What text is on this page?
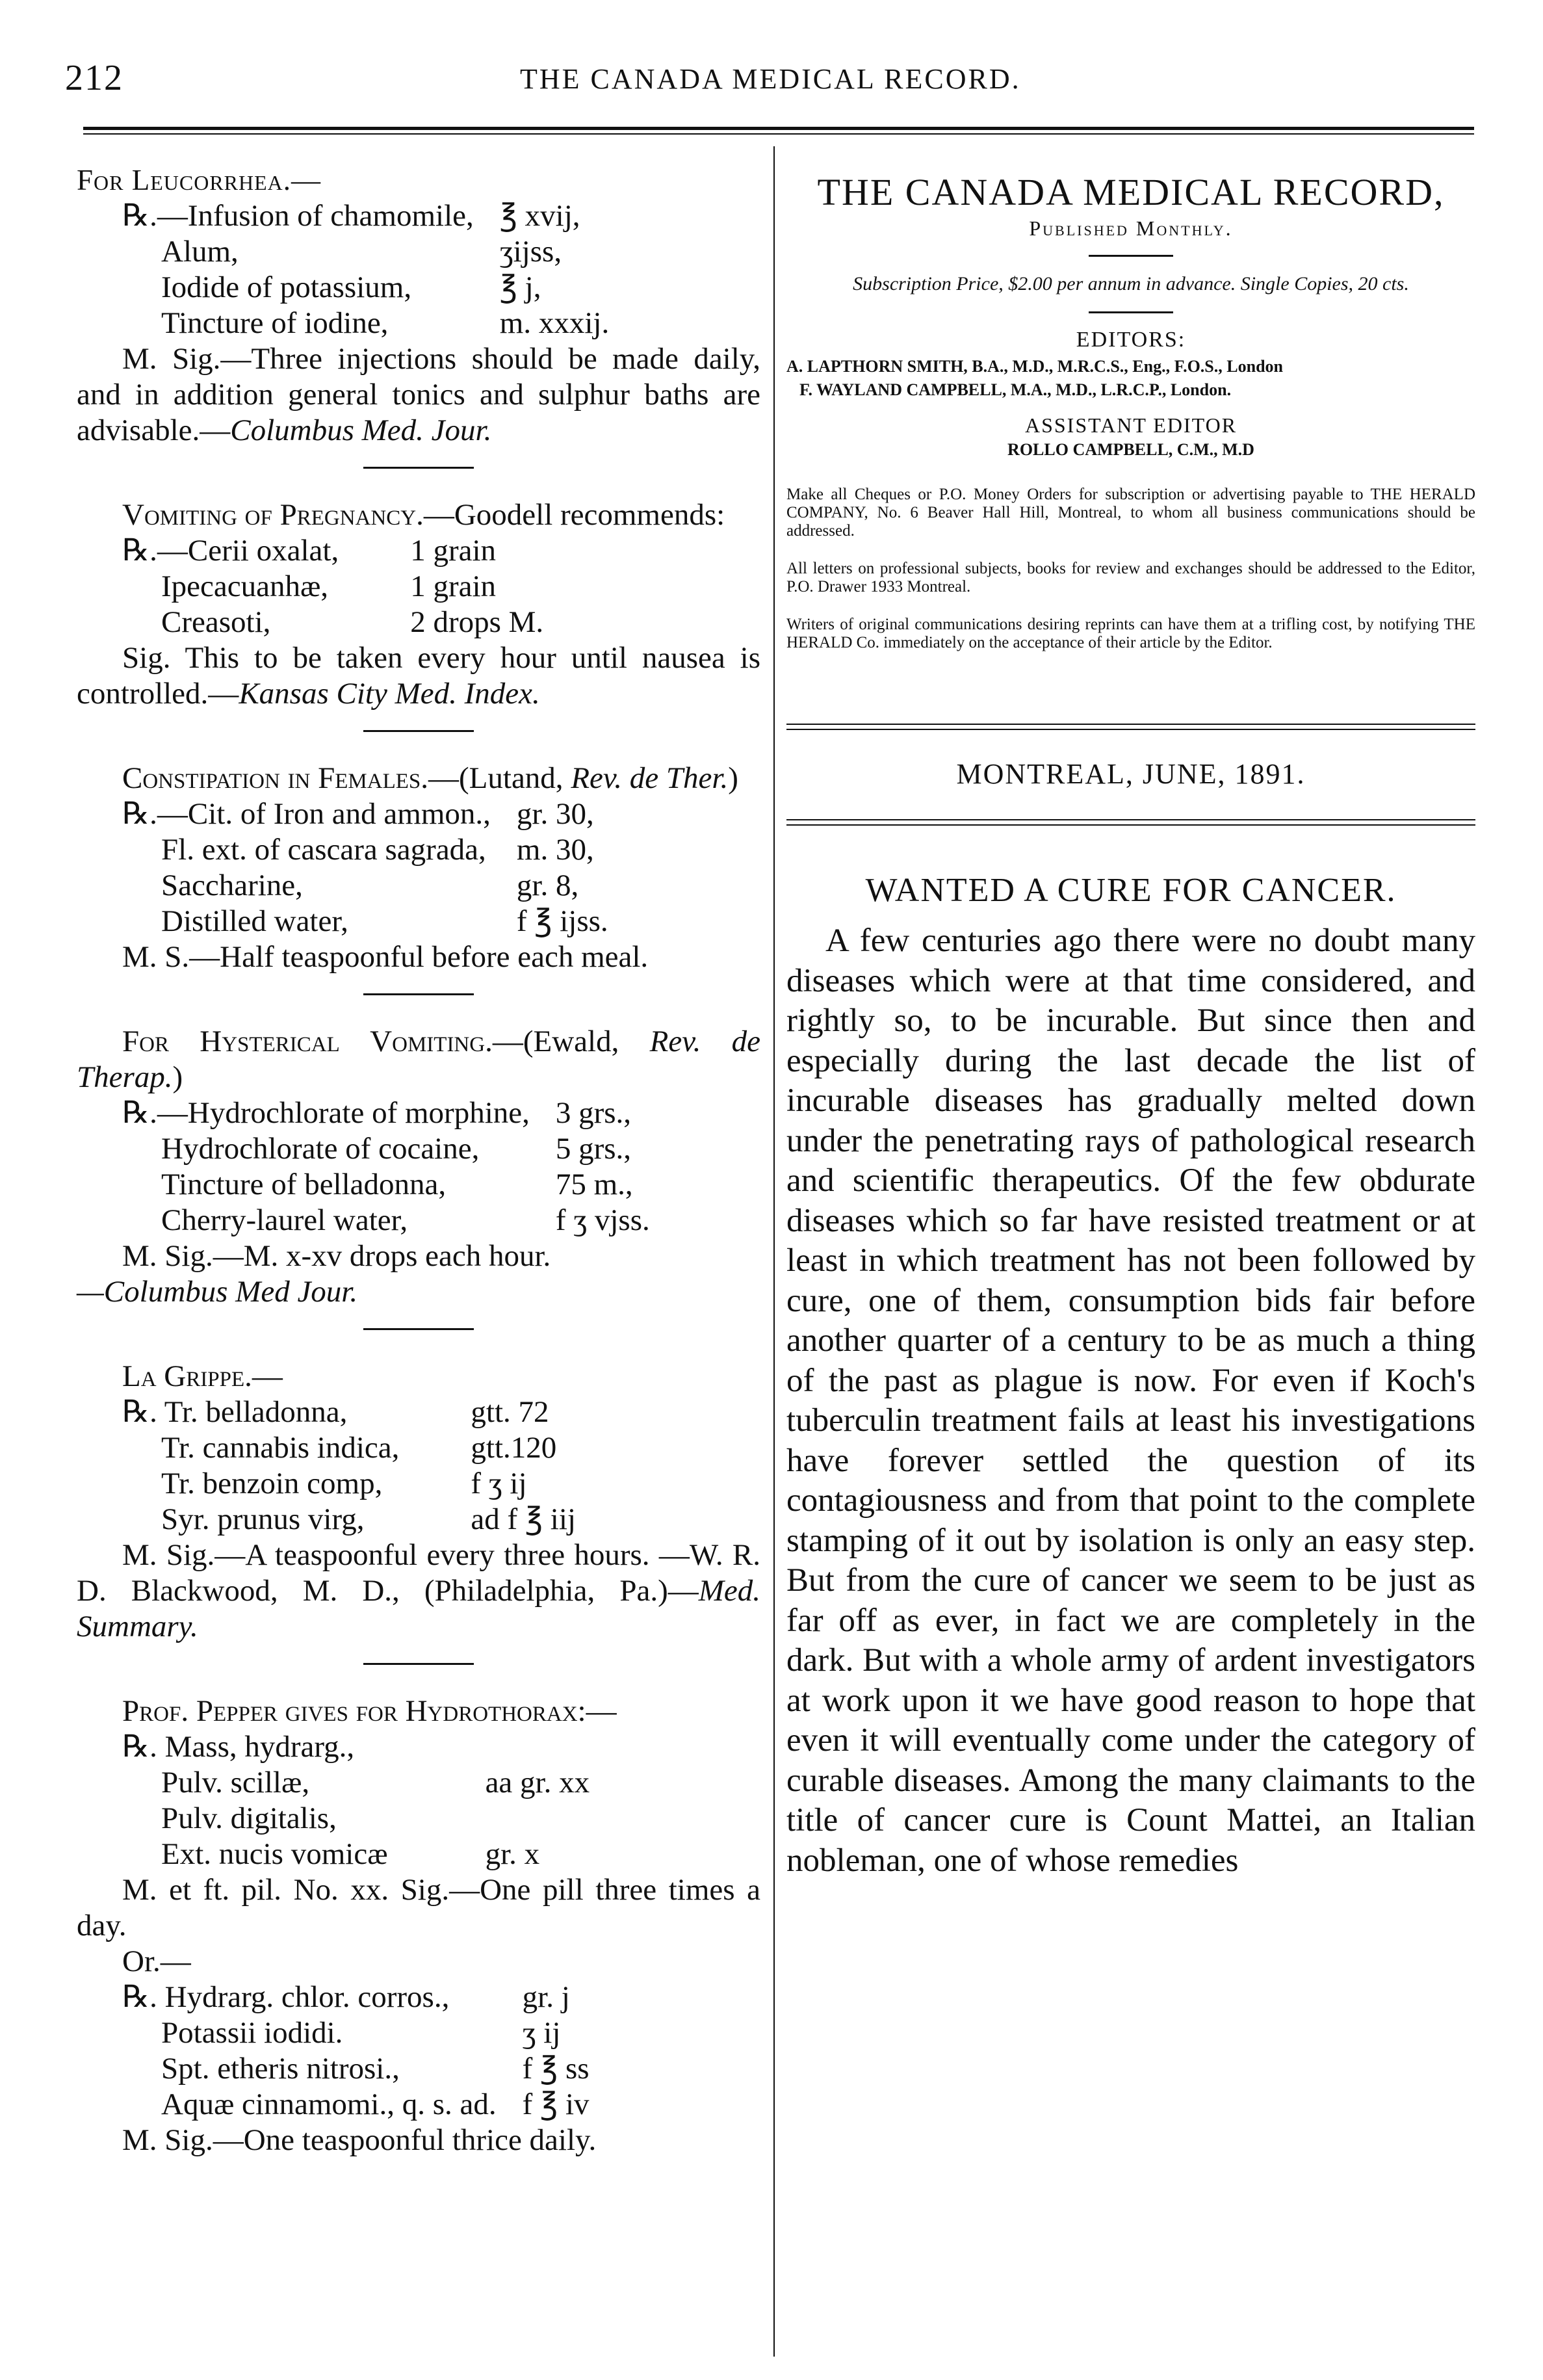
212	THE CANADA MEDICAL RECORD.

For Leucorrhea.—

℞.—Infusion of chamomile,	℥ xvij,
Alum,	ʒijss,
Iodide of potassium,	℥ j,
Tincture of iodine,	m. xxxij.

M. Sig.—Three injections should be made daily, and in addition general tonics and sulphur baths are advisable.—Columbus Med. Jour.

Vomiting of Pregnancy.—Goodell recommends:

℞.—Cerii oxalat,	1 grain
Ipecacuanhæ,	1 grain
Creasoti,	2 drops M.

Sig. This to be taken every hour until nausea is controlled.—Kansas City Med. Index.

Constipation in Females.—(Lutand, Rev. de Ther.)

℞.—Cit. of Iron and ammon.,	gr. 30,
Fl. ext. of cascara sagrada,	m. 30,
Saccharine,	gr. 8,
Distilled water,	f ℥ ijss.

M. S.—Half teaspoonful before each meal.

For Hysterical Vomiting.—(Ewald, Rev. de Therap.)

℞.—Hydrochlorate of morphine,	3 grs.,
Hydrochlorate of cocaine,	5 grs.,
Tincture of belladonna,	75 m.,
Cherry-laurel water,	f ʒ vjss.

M. Sig.—M. x-xv drops each hour.

—Columbus Med Jour.

La Grippe.—

℞. Tr. belladonna,	gtt. 72
Tr. cannabis indica,	gtt.120
Tr. benzoin comp,	f ʒ ij
Syr. prunus virg,	ad f ℥ iij

M. Sig.—A teaspoonful every three hours. —W. R. D. Blackwood, M. D., (Philadelphia, Pa.)—Med. Summary.

Prof. Pepper gives for Hydrothorax:—

℞. Mass, hydrarg.,	
Pulv. scillæ,	aa gr. xx
Pulv. digitalis,	
Ext. nucis vomicæ	gr. x

M. et ft. pil. No. xx. Sig.—One pill three times a day.

Or.—

℞. Hydrarg. chlor. corros.,	gr. j
Potassii iodidi.	ʒ ij
Spt. etheris nitrosi.,	f ℥ ss
Aquæ cinnamomi., q. s. ad.	f ℥ iv

M. Sig.—One teaspoonful thrice daily.

THE CANADA MEDICAL RECORD,

Published Monthly.

Subscription Price, $2.00 per annum in advance. Single Copies, 20 cts.

EDITORS:

A. LAPTHORN SMITH, B.A., M.D., M.R.C.S., Eng., F.O.S., London

F. WAYLAND CAMPBELL, M.A., M.D., L.R.C.P., London.

ASSISTANT EDITOR

ROLLO CAMPBELL, C.M., M.D

Make all Cheques or P.O. Money Orders for subscription or advertising payable to THE HERALD COMPANY, No. 6 Beaver Hall Hill, Montreal, to whom all business communications should be addressed.

All letters on professional subjects, books for review and exchanges should be addressed to the Editor, P.O. Drawer 1933 Montreal.

Writers of original communications desiring reprints can have them at a trifling cost, by notifying THE HERALD Co. immediately on the acceptance of their article by the Editor.

MONTREAL, JUNE, 1891.

WANTED A CURE FOR CANCER.

A few centuries ago there were no doubt many diseases which were at that time considered, and rightly so, to be incurable. But since then and especially during the last decade the list of incurable diseases has gradually melted down under the penetrating rays of pathological research and scientific therapeutics. Of the few obdurate diseases which so far have resisted treatment or at least in which treatment has not been followed by cure, one of them, consumption bids fair before another quarter of a century to be as much a thing of the past as plague is now. For even if Koch's tuberculin treatment fails at least his investigations have forever settled the question of its contagiousness and from that point to the complete stamping of it out by isolation is only an easy step. But from the cure of cancer we seem to be just as far off as ever, in fact we are completely in the dark. But with a whole army of ardent investigators at work upon it we have good reason to hope that even it will eventually come under the category of curable diseases. Among the many claimants to the title of cancer cure is Count Mattei, an Italian nobleman, one of whose remedies
